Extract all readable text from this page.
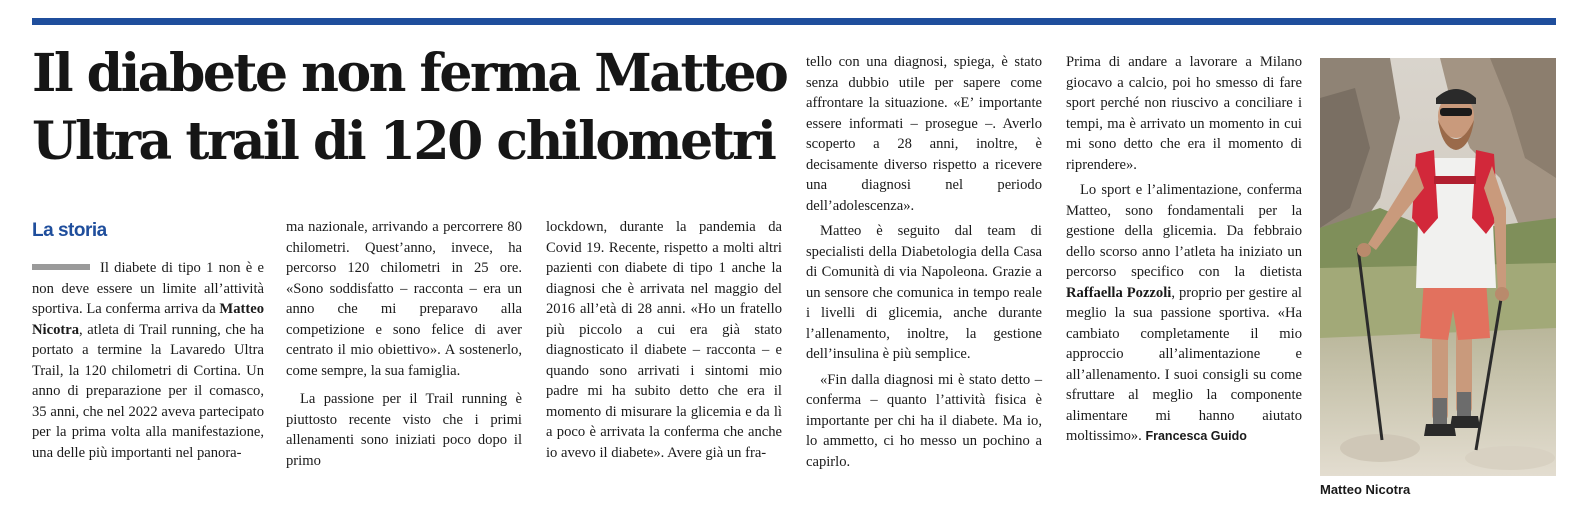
Il diabete non ferma Matteo
Ultra trail di 120 chilometri
La storia

Il diabete di tipo 1 non è e non deve essere un limite all’attività sportiva. La conferma arriva da Matteo Nicotra, atleta di Trail running, che ha portato a termine la Lavaredo Ultra Trail, la 120 chilometri di Cortina. Un anno di preparazione per il comasco, 35 anni, che nel 2022 aveva partecipato per la prima volta alla manifestazione, una delle più importanti nel panora-

ma nazionale, arrivando a percorrere 80 chilometri. Quest’anno, invece, ha percorso 120 chilometri in 25 ore. «Sono soddisfatto – racconta – era un anno che mi preparavo alla competizione e sono felice di aver centrato il mio obiettivo». A sostenerlo, come sempre, la sua famiglia.

La passione per il Trail running è piuttosto recente visto che i primi allenamenti sono iniziati poco dopo il primo

lockdown, durante la pandemia da Covid 19. Recente, rispetto a molti altri pazienti con diabete di tipo 1 anche la diagnosi che è arrivata nel maggio del 2016 all’età di 28 anni. «Ho un fratello più piccolo a cui era già stato diagnosticato il diabete – racconta – e quando sono arrivati i sintomi mio padre mi ha subito detto che era il momento di misurare la glicemia e da lì a poco è arrivata la conferma che anche io avevo il diabete». Avere già un fra-

tello con una diagnosi, spiega, è stato senza dubbio utile per sapere come affrontare la situazione. «E’ importante essere informati – prosegue –. Averlo scoperto a 28 anni, inoltre, è decisamente diverso rispetto a ricevere una diagnosi nel periodo dell’adolescenza».

Matteo è seguito dal team di specialisti della Diabetologia della Casa di Comunità di via Napoleona. Grazie a un sensore che comunica in tempo reale i livelli di glicemia, anche durante l’allenamento, inoltre, la gestione dell’insulina è più semplice.

«Fin dalla diagnosi mi è stato detto – conferma – quanto l’attività fisica è importante per chi ha il diabete. Ma io, lo ammetto, ci ho messo un pochino a capirlo.

Prima di andare a lavorare a Milano giocavo a calcio, poi ho smesso di fare sport perché non riuscivo a conciliare i tempi, ma è arrivato un momento in cui mi sono detto che era il momento di riprendere».

Lo sport e l’alimentazione, conferma Matteo, sono fondamentali per la gestione della glicemia. Da febbraio dello scorso anno l’atleta ha iniziato un percorso specifico con la dietista Raffaella Pozzoli, proprio per gestire al meglio la sua passione sportiva. «Ha cambiato completamente il mio approccio all’alimentazione e all’allenamento. I suoi consigli su come sfruttare al meglio la componente alimentare mi hanno aiutato moltissimo». Francesca Guido

Matteo Nicotra
